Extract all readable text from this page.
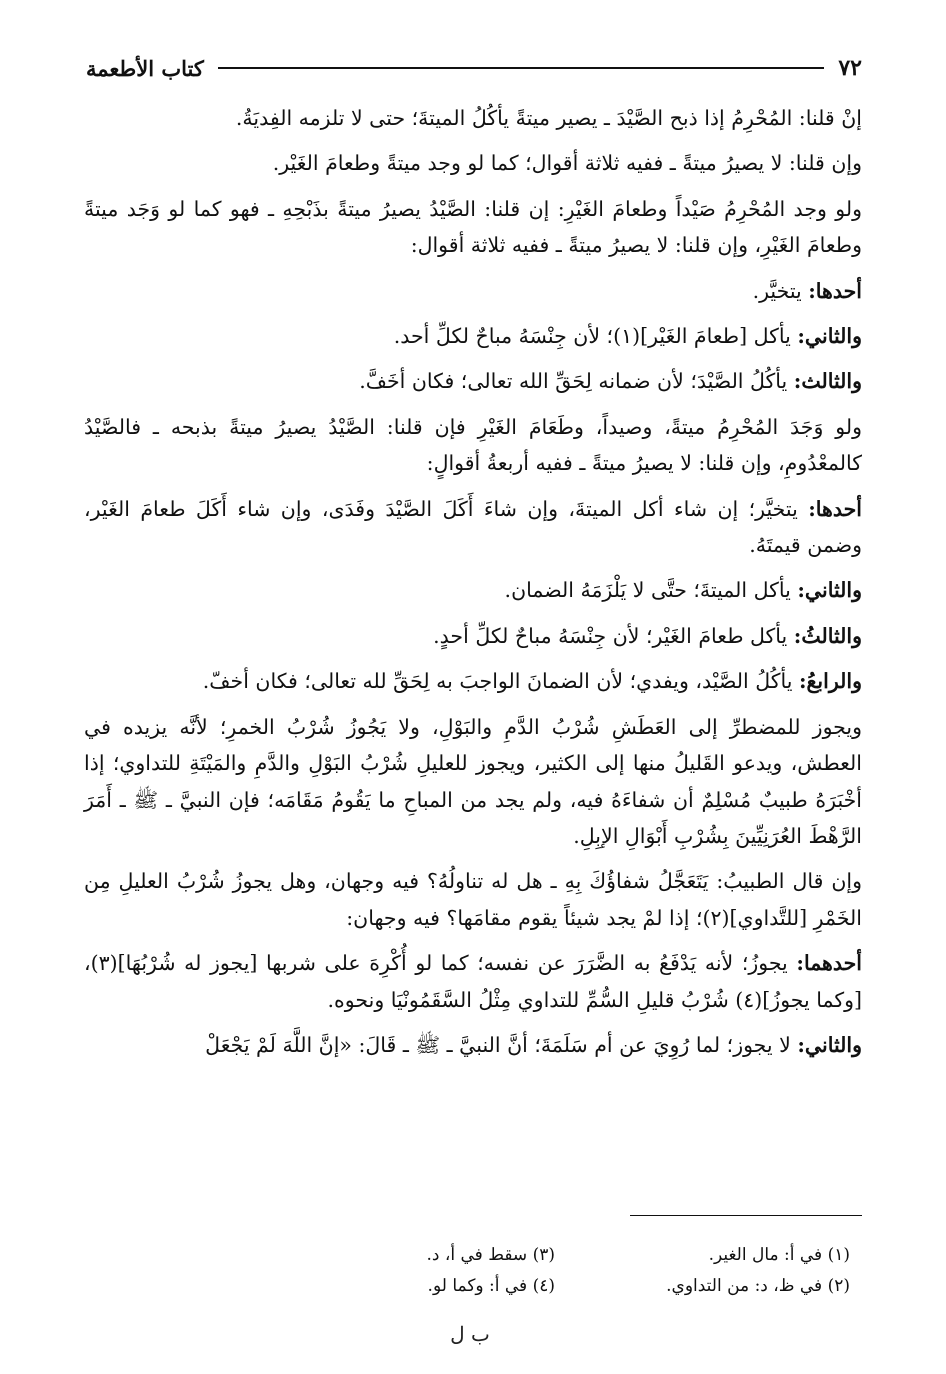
٧٢
كتاب الأطعمة

إنْ قلنا: المُحْرِمُ إذا ذبح الصَّيْدَ ـ يصير ميتةً يأكُلُ الميتةَ؛ حتى لا تلزمه الفِديَةُ.

وإن قلنا: لا يصيرُ ميتةً ـ ففيه ثلاثة أقوال؛ كما لو وجد ميتةً وطعامَ الغَيْر.

ولو وجد المُحْرِمُ صَيْداً وطعامَ الغَيْرِ: إن قلنا: الصَّيْدُ يصيرُ ميتةً بذَبْحِهِ ـ فهو كما لو وَجَد ميتةً وطعامَ الغَيْرِ، وإن قلنا: لا يصيرُ ميتةً ـ ففيه ثلاثة أقوال:

أحدها: يتخيَّر.

والثاني: يأكل [طعامَ الغَيْر](١)؛ لأن جِنْسَهُ مباحٌ لكلِّ أحد.

والثالث: يأكُلُ الصَّيْدَ؛ لأن ضمانه لِحَقِّ الله تعالى؛ فكان أخَفَّ.

ولو وَجَدَ المُحْرِمُ ميتةً، وصيداً، وطَعَامَ الغَيْرِ فإن قلنا: الصَّيْدُ يصيرُ ميتةً بذبحه ـ فالصَّيْدُ كالمعْدُومِ، وإن قلنا: لا يصيرُ ميتةً ـ ففيه أربعةُ أقوالٍ:

أحدها: يتخيَّر؛ إن شاء أكل الميتةَ، وإن شاءَ أَكَلَ الصَّيْدَ وفَدَى، وإن شاء أَكَلَ طعامَ الغَيْر، وضمن قيمتَهُ.

والثاني: يأكل الميتةَ؛ حتَّى لا يَلْزَمَهُ الضمان.

والثالثُ: يأكل طعامَ الغَيْر؛ لأن جِنْسَهُ مباحٌ لكلِّ أحدٍ.

والرابعُ: يأكُلُ الصَّيْد، ويفدي؛ لأن الضمانَ الواجبَ به لِحَقِّ لله تعالى؛ فكان أخفّ.

ويجوز للمضطرِّ إلى العَطَشِ شُرْبُ الدَّمِ والبَوْلِ، ولا يَجُوزُ شُرْبُ الخمرِ؛ لأنَّه يزيده في العطش، ويدعو القَليلُ منها إلى الكثير، ويجوز للعليلِ شُرْبُ البَوْلِ والدَّمِ والمَيْتَةِ للتداوي؛ إذا أخْبَرَهُ طبيبٌ مُسْلِمٌ أن شفاءَهُ فيه، ولم يجد من المباحِ ما يَقُومُ مَقَامَه؛ فإن النبيَّ ـ ﷺ ـ أَمَرَ الرَّهْطَ العُرَنِيِّينَ بِشُرْبِ أَبْوَالِ الإبِلِ.

وإن قال الطبيبُ: يَتَعَجَّلُ شفاؤُكَ بِهِ ـ هل له تناولُهُ؟ فيه وجهان، وهل يجوزُ شُرْبُ العليلِ مِن الخَمْرِ [للتَّداوي](٢)؛ إذا لمْ يجد شيئاً يقوم مقامَها؟ فيه وجهان:

أحدهما: يجوزُ؛ لأنه يَدْفَعُ به الضَّرَرَ عن نفسه؛ كما لو أُكْرِهَ على شربها [يجوز له شُرْبُهَا](٣)، [وكما يجوزُ](٤) شُرْبُ قليلِ السُّمِّ للتداوي مِثْلُ السَّقَمُونْيَا ونحوه.

والثاني: لا يجوز؛ لما رُوِيَ عن أم سَلَمَةَ؛ أنَّ النبيَّ ـ ﷺ ـ قَالَ: «إنَّ اللَّهَ لَمْ يَجْعَلْ

(١) في أ: مال الغير.
(٣) سقط في أ، د.
(٢) في ظ، د: من التداوي.
(٤) في أ: وكما لو.
ب ل
